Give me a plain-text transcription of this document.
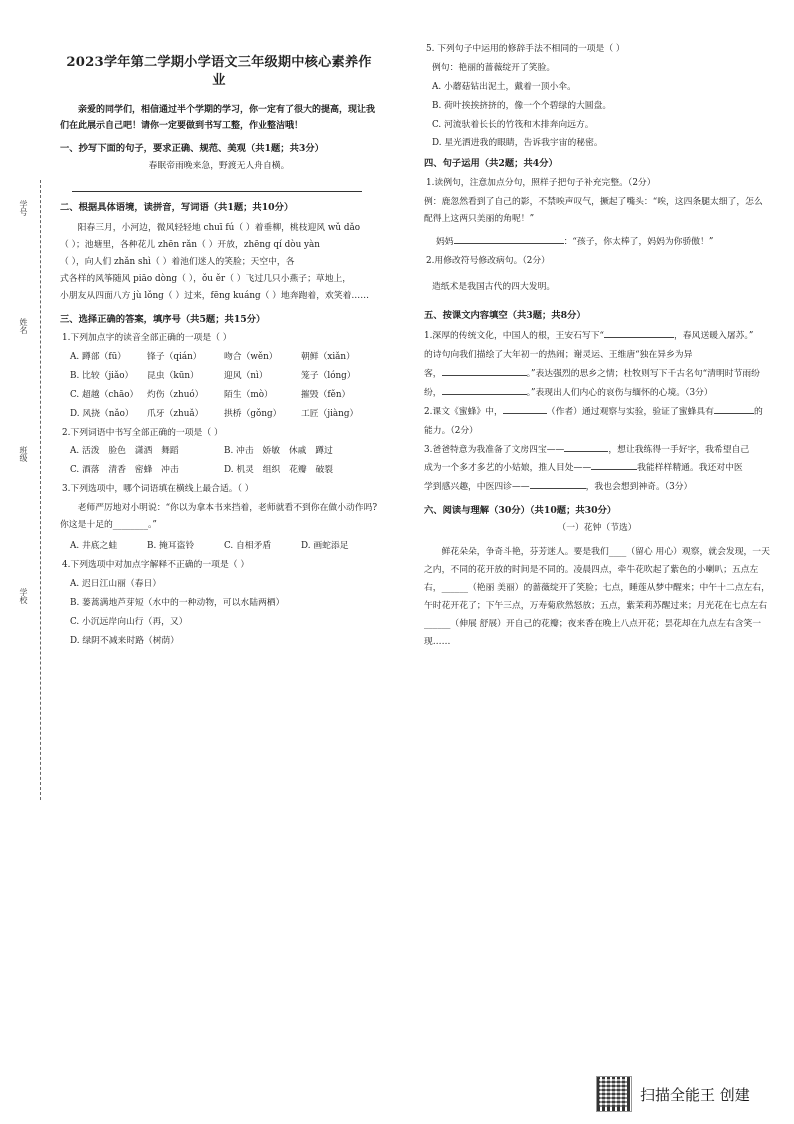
学号
姓名
班级
学校
2023学年第二学期小学语文三年级期中核心素养作业
亲爱的同学们，相信通过半个学期的学习，你一定有了很大的提高，现让我们在此展示自己吧！请你一定要做到书写工整，作业整洁哦！
一、抄写下面的句子，要求正确、规范、美观（共1题；共3分）
春眠帝雨晚来急，野渡无人舟自横。
二、根据具体语境，读拼音，写词语（共1题；共10分）
阳春三月，小河边，微风轻轻地 chuī fú（ ）着垂柳，桃枝迎风 wǔ dǎo
（ ）；池塘里，各种花儿 zhēn rǎn（ ）开放，zhēng qí dòu yàn
（ ），向人们 zhǎn shì（ ）着池们迷人的笑脸；天空中，各
式各样的风筝随风 piāo dòng（ ），ǒu ěr（ ）飞过几只小燕子；草地上，
小朋友从四面八方 jù lǒng（ ）过来，fēng kuáng（ ）地奔跑着，欢笑着……
三、选择正确的答案，填序号（共5题；共15分）
1.下列加点字的读音全部正确的一项是（ ）
A. 蹲部（fū）	锋子（qián）	吻合（wěn）	朝鲜（xiǎn）
B. 比较（jiǎo）	昆虫（kūn）	迎风（nì）	笼子（lóng）
C. 超越（chāo） 灼伤（zhuó）	陌生（mò）	摧毁（fěn）
D. 风挠（nǎo）	爪牙（zhuǎ）	拱桥（gǒng）	工匠（jiàng）
2.下列词语中书写全部正确的一项是（ ）
A. 活泼　脸色　潇洒　舞蹈	B. 冲击　娇敏　休戚　蹲过
C. 酒落　清香　密蜂　冲击	D. 机灵　组织　花瓣　破裂
3.下列选项中，哪个词语填在横线上最合适。（ ）
老师严厉地对小明说：“你以为拿本书来挡着，老师就看不到你在做小动作吗?你这是十足的________。”
A. 井底之蛙	B. 掩耳盗铃	C. 自相矛盾	D. 画蛇添足
4.下列选项中对加点字解释不正确的一项是（ ）
A. 迟日江山丽（春日）
B. 蒌蒿满地芦芽短（水中的一种动物，可以水陆两栖）
C. 小沉远岸向山行（再，又）
D. 绿阴不减来时路（树荫）
5. 下列句子中运用的修辞手法不相同的一项是（ ）
例句：艳丽的蔷薇绽开了笑脸。
A. 小蘑菇钻出泥土，戴着一顶小伞。
B. 荷叶挨挨挤挤的，像一个个碧绿的大圆盘。
C. 河流驮着长长的竹筏和木排奔向远方。
D. 星光洒进我的眼睛，告诉我宇宙的秘密。
四、句子运用（共2题；共4分）
1.读例句，注意加点分句，照样子把句子补充完整。（2分）
例：鹿忽然看到了自己的影，不禁唉声叹气，撅起了嘴头：“唉，这四条腿太细了，怎么配得上这两只美丽的角呢！”
妈妈	：“孩子，你太棒了，妈妈为你骄傲！”
2.用修改符号修改病句。（2分）
造纸术是我国古代的四大发明。
五、按课文内容填空（共3题；共8分）
1.深厚的传统文化，中国人的根，王安石写下“	，春风送暖入屠苏。”
的诗句向我们描绘了大年初一的热闹；谢灵运、王维唐“独在异乡为异
客，	。”表达强烈的思乡之情；杜牧则写下千古名句“清明时节雨纷
纷，	。”表现出人们内心的哀伤与缅怀的心境。（3分）
2.课文《蜜蜂》中，	（作者）通过观察与实验，验证了蜜蜂具有	的
能力。（2分）
3.爸爸特意为我准备了文房四宝——	，想让我练得一手好字，我希望自己
成为一个多才多艺的小姑娘，推人目处——	我能样样精通。我还对中医
学到感兴趣，中医四诊——	，我也会想到神奇。（3分）
六、阅读与理解（30分）（共10题；共30分）
（一）花钟（节选）
鲜花朵朵，争奇斗艳，芬芳迷人。要是我们____（留心 用心）观察，就会发现，一天之内，不同的花开放的时间是不同的。凌晨四点，牵牛花吹起了紫色的小喇叭；五点左右，______（艳丽 美丽）的蔷薇绽开了笑脸；七点，睡莲从梦中醒来；中午十二点左右，午时花开花了；下午三点，万寿菊欣然怒放；五点，紫茉莉苏醒过来；月光花在七点左右______（伸展 舒展）开自己的花瓣；夜来香在晚上八点开花；昙花却在九点左右含笑一现……
扫描全能王 创建
